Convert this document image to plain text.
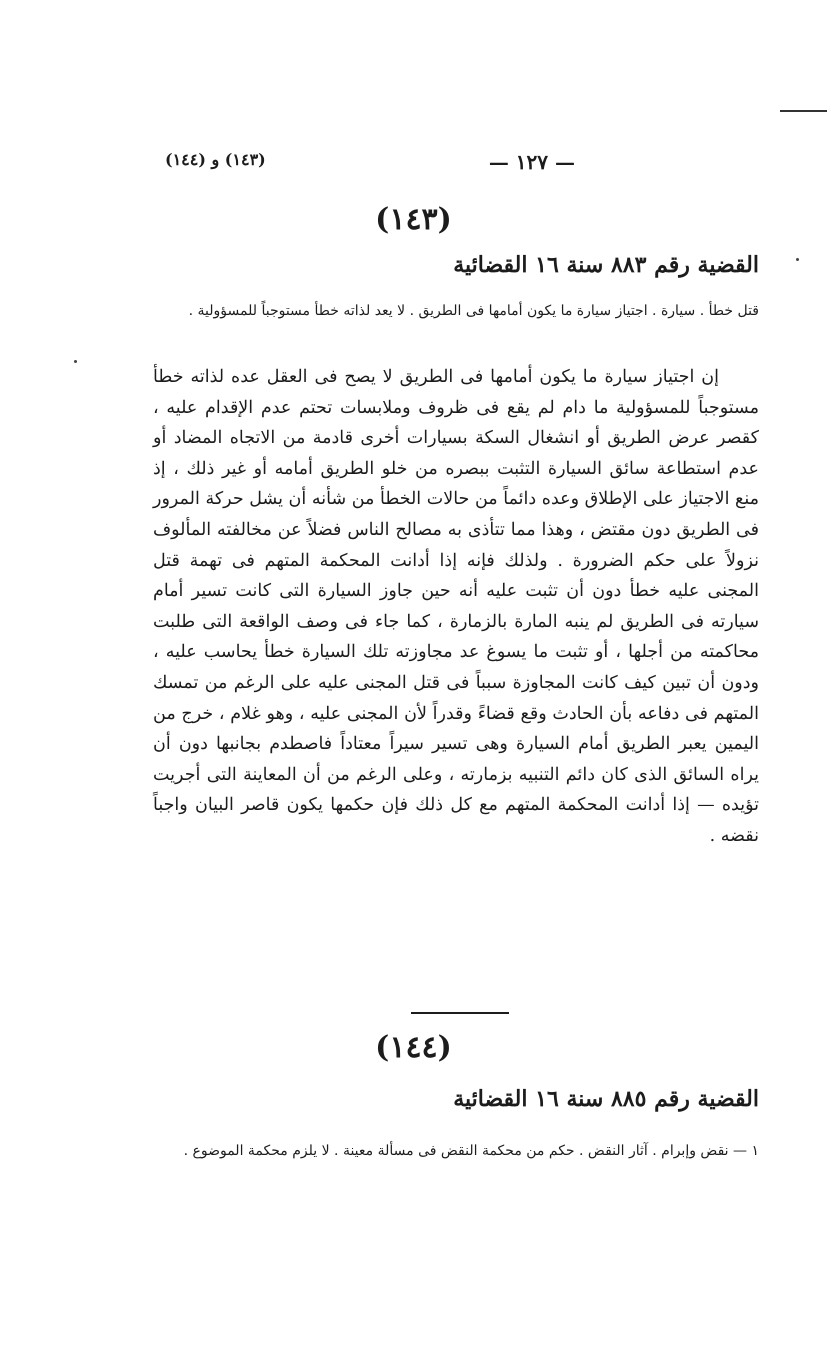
— ١٢٧ —
(١٤٣) و (١٤٤)
(١٤٣)
القضية رقم ٨٨٣ سنة ١٦ القضائية
قتل خطأ . سيارة . اجتياز سيارة ما يكون أمامها فى الطريق . لا يعد لذاته خطأ مستوجباً للمسؤولية .
إن اجتياز سيارة ما يكون أمامها فى الطريق لا يصح فى العقل عده لذاته خطأ مستوجباً للمسؤولية ما دام لم يقع فى ظروف وملابسات تحتم عدم الإقدام عليه ، كقصر عرض الطريق أو انشغال السكة بسيارات أخرى قادمة من الاتجاه المضاد أو عدم استطاعة سائق السيارة التثبت ببصره من خلو الطريق أمامه أو غير ذلك ، إذ منع الاجتياز على الإطلاق وعده دائماً من حالات الخطأ من شأنه أن يشل حركة المرور فى الطريق دون مقتض ، وهذا مما تتأذى به مصالح الناس فضلاً عن مخالفته المألوف نزولاً على حكم الضرورة . ولذلك فإنه إذا أدانت المحكمة المتهم فى تهمة قتل المجنى عليه خطأ دون أن تثبت عليه أنه حين جاوز السيارة التى كانت تسير أمام سيارته فى الطريق لم ينبه المارة بالزمارة ، كما جاء فى وصف الواقعة التى طلبت محاكمته من أجلها ، أو تثبت ما يسوغ عد مجاوزته تلك السيارة خطأ يحاسب عليه ، ودون أن تبين كيف كانت المجاوزة سبباً فى قتل المجنى عليه على الرغم من تمسك المتهم فى دفاعه بأن الحادث وقع قضاءً وقدراً لأن المجنى عليه ، وهو غلام ، خرج من اليمين يعبر الطريق أمام السيارة وهى تسير سيراً معتاداً فاصطدم بجانبها دون أن يراه السائق الذى كان دائم التنبيه بزمارته ، وعلى الرغم من أن المعاينة التى أجريت تؤيده — إذا أدانت المحكمة المتهم مع كل ذلك فإن حكمها يكون قاصر البيان واجباً نقضه .
(١٤٤)
القضية رقم ٨٨٥ سنة ١٦ القضائية
١ — نقض وإبرام . آثار النقض . حكم من محكمة النقض فى مسألة معينة . لا يلزم محكمة الموضوع .
